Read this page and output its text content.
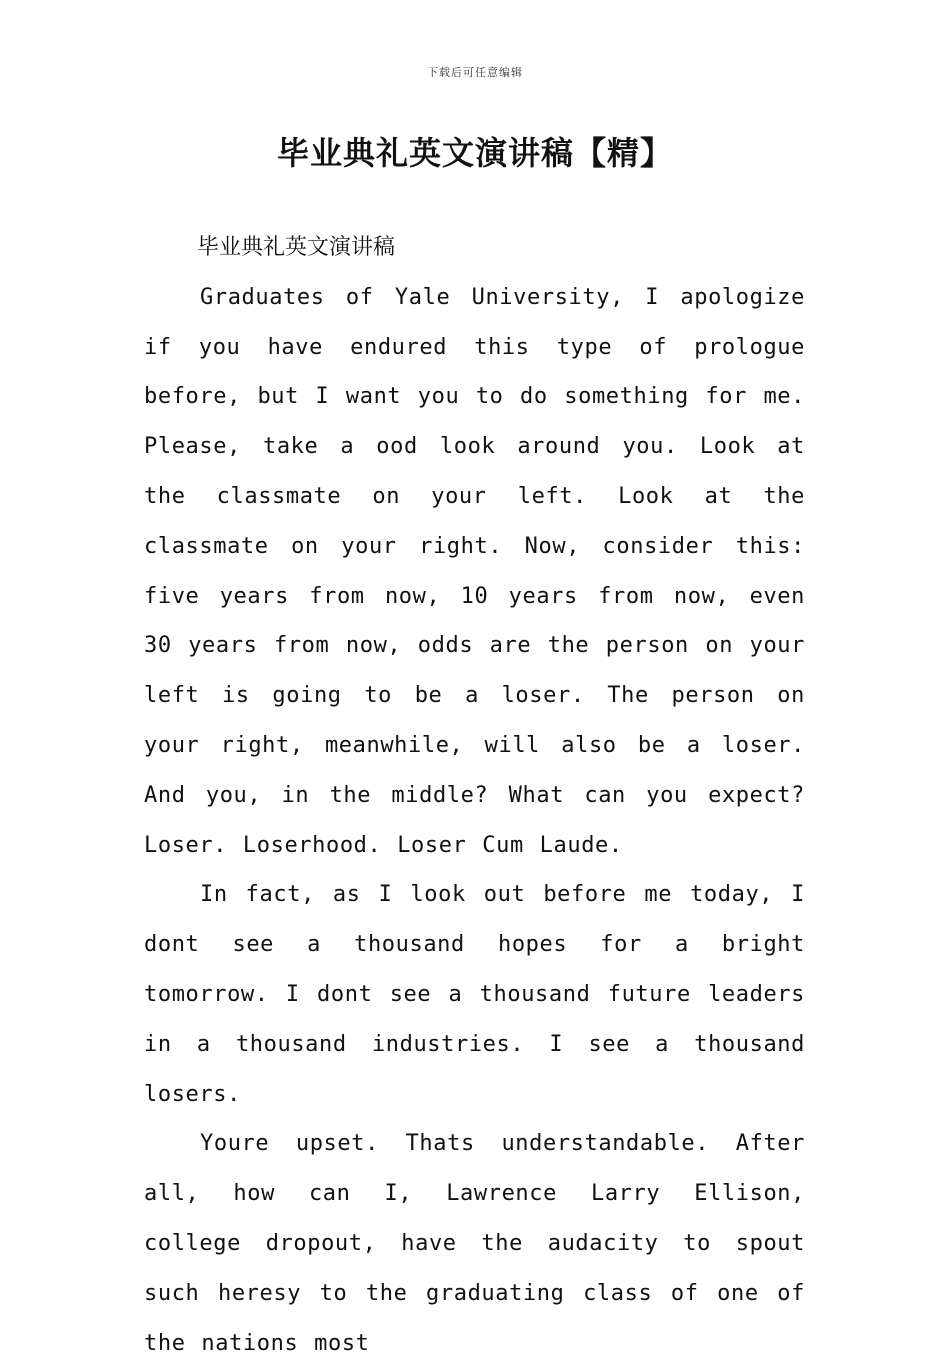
下载后可任意编辑
毕业典礼英文演讲稿【精】

毕业典礼英文演讲稿

Graduates of Yale University, I apologize if you have endured this type of prologue before, but I want you to do something for me. Please, take a ood look around you. Look at the classmate on your left. Look at the classmate on your right. Now, consider this: five years from now, 10 years from now, even 30 years from now, odds are the person on your left is going to be a loser. The person on your right, meanwhile, will also be a loser. And you, in the middle? What can you expect? Loser. Loserhood. Loser Cum Laude.

In fact, as I look out before me today, I dont see a thousand hopes for a bright tomorrow. I dont see a thousand future leaders in a thousand industries. I see a thousand losers.

Youre upset. Thats understandable. After all, how can I, Lawrence Larry Ellison, college dropout, have the audacity to spout such heresy to the graduating class of one of the nations most
